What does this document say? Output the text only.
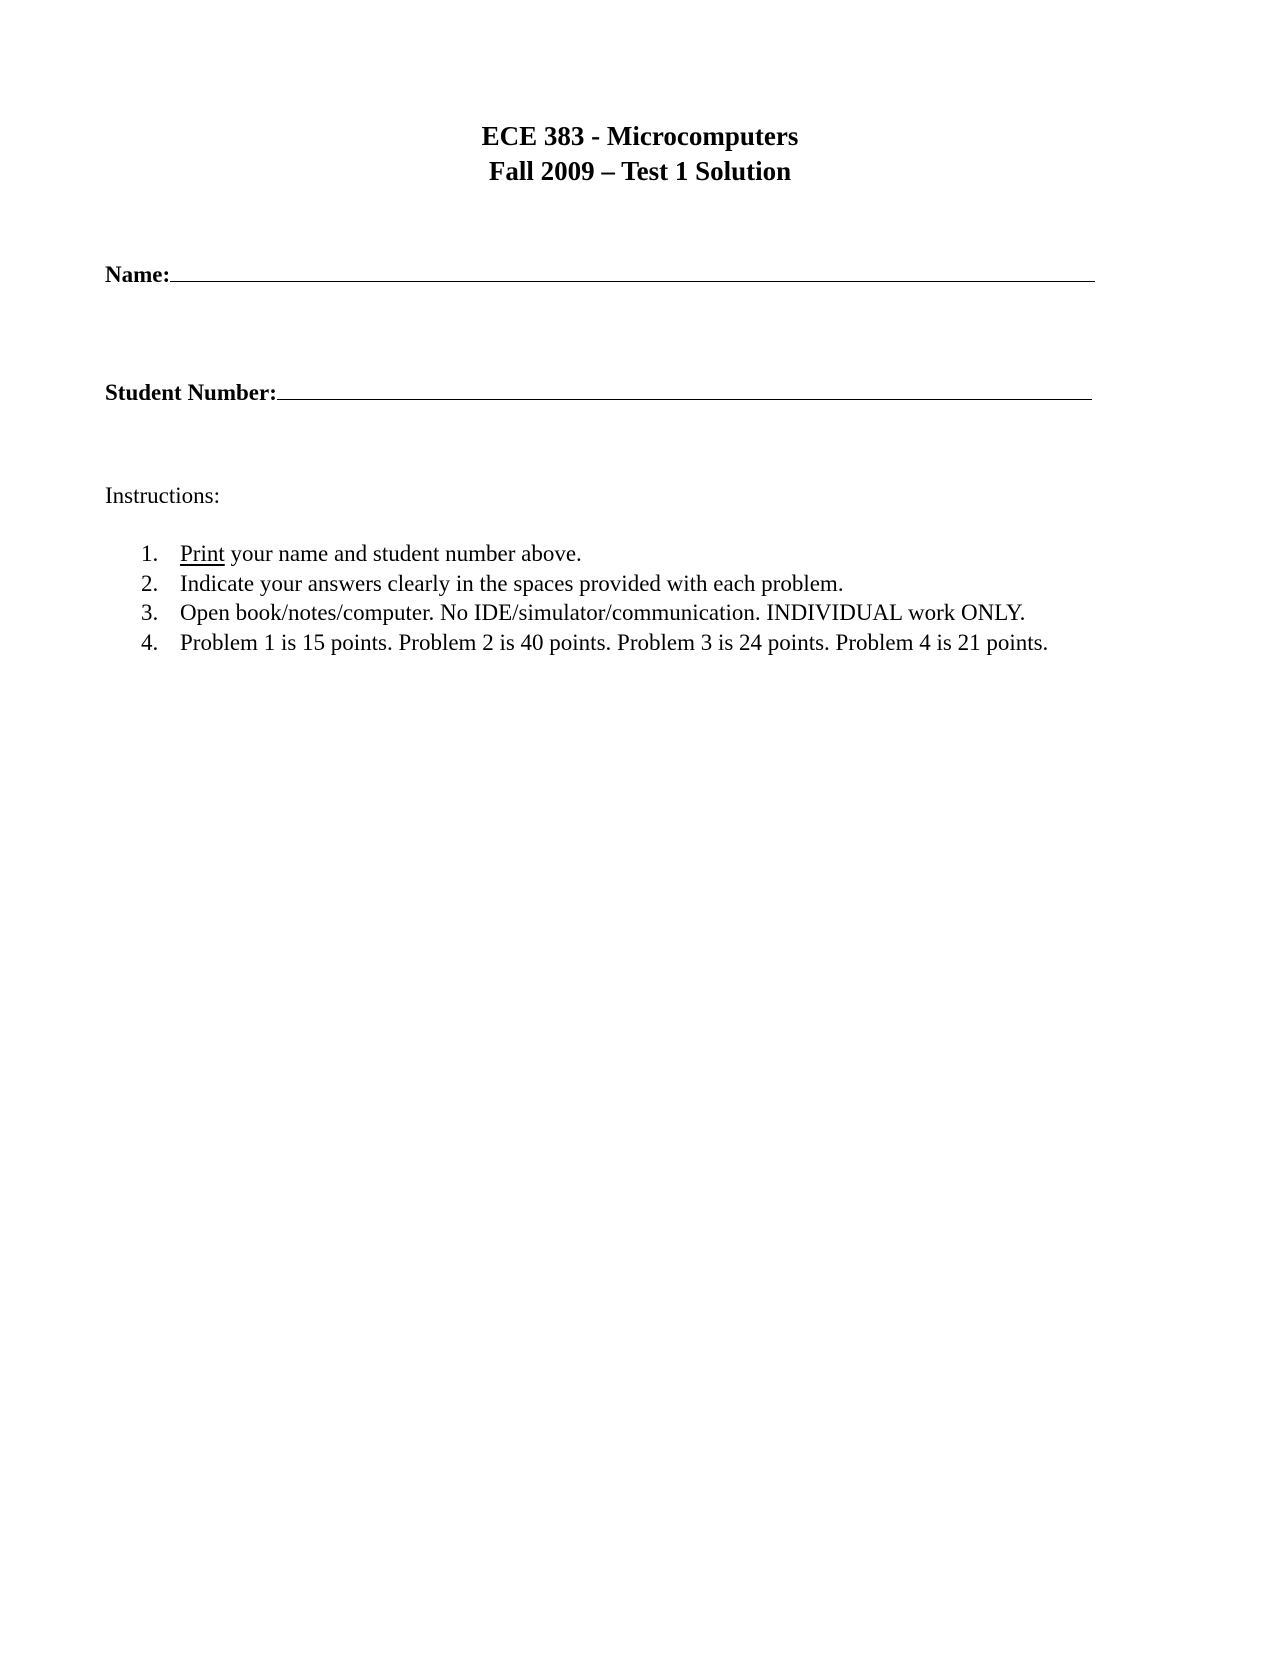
ECE 383 - Microcomputers
Fall 2009 – Test 1 Solution
Name:
Student Number:
Instructions:
1. Print your name and student number above.
2. Indicate your answers clearly in the spaces provided with each problem.
3. Open book/notes/computer. No IDE/simulator/communication. INDIVIDUAL work ONLY.
4. Problem 1 is 15 points. Problem 2 is 40 points. Problem 3 is 24 points. Problem 4 is 21 points.
